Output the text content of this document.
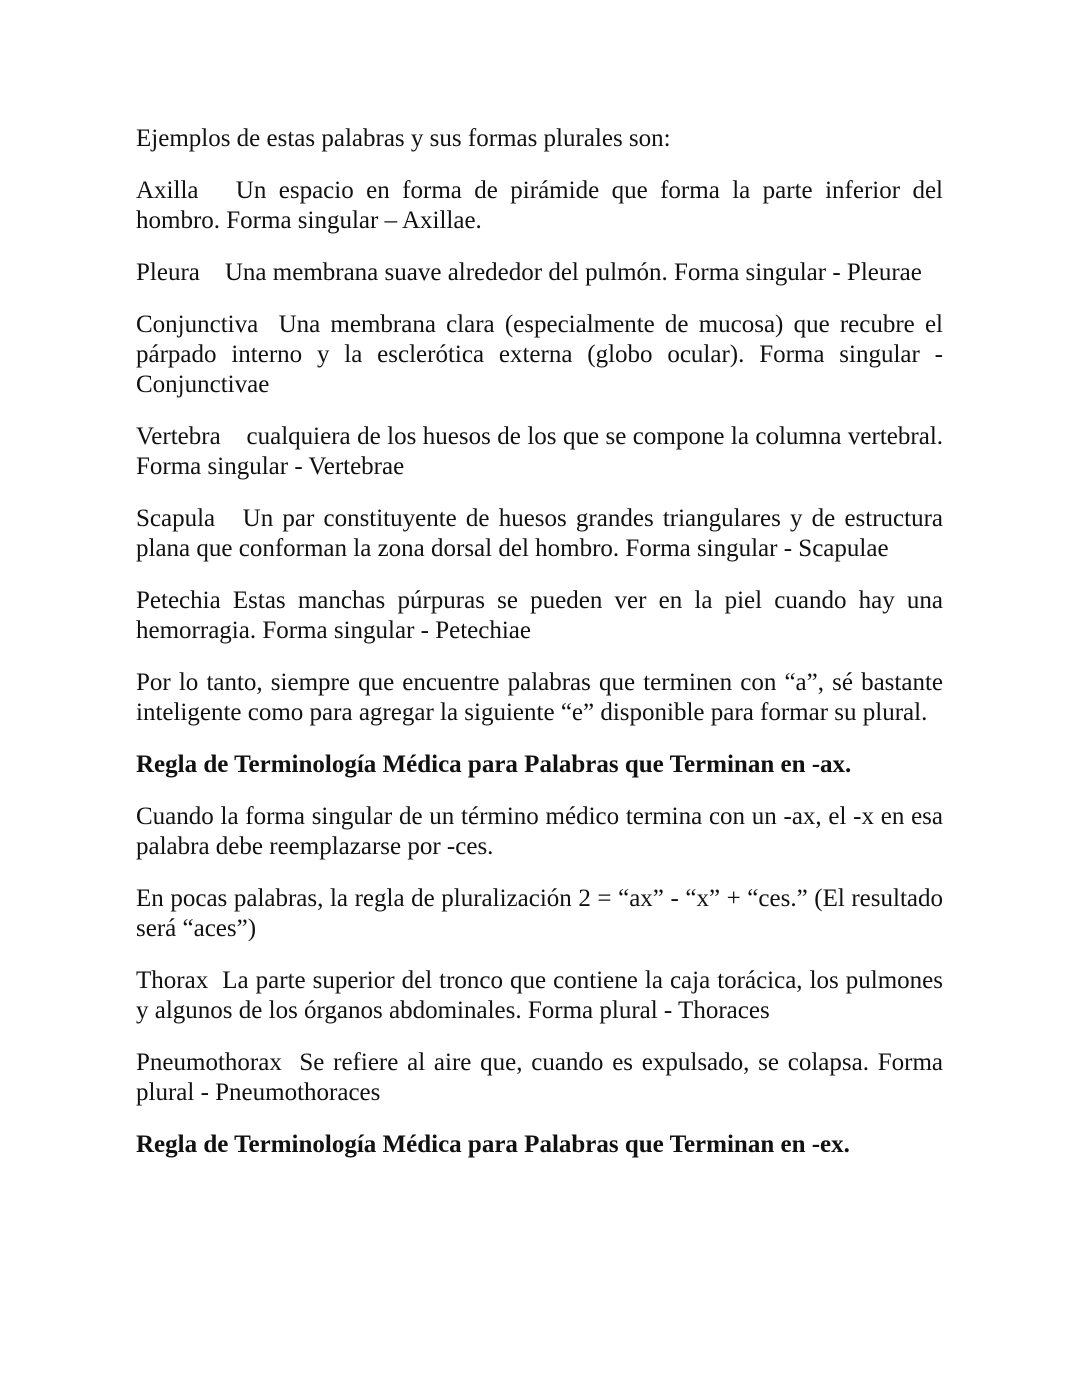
Ejemplos de estas palabras y sus formas plurales son:

Axilla Un espacio en forma de pirámide que forma la parte inferior del hombro. Forma singular – Axillae.

Pleura Una membrana suave alrededor del pulmón. Forma singular - Pleurae

Conjunctiva Una membrana clara (especialmente de mucosa) que recubre el párpado interno y la esclerótica externa (globo ocular). Forma singular - Conjunctivae

Vertebra cualquiera de los huesos de los que se compone la columna vertebral. Forma singular - Vertebrae

Scapula Un par constituyente de huesos grandes triangulares y de estructura plana que conforman la zona dorsal del hombro. Forma singular - Scapulae

Petechia Estas manchas púrpuras se pueden ver en la piel cuando hay una hemorragia. Forma singular - Petechiae

Por lo tanto, siempre que encuentre palabras que terminen con “a”, sé bastante inteligente como para agregar la siguiente “e” disponible para formar su plural.

Regla de Terminología Médica para Palabras que Terminan en -ax.

Cuando la forma singular de un término médico termina con un -ax, el -x en esa palabra debe reemplazarse por -ces.

En pocas palabras, la regla de pluralización 2 = “ax” - “x” + “ces.” (El resultado será “aces”)

Thorax La parte superior del tronco que contiene la caja torácica, los pulmones y algunos de los órganos abdominales. Forma plural - Thoraces

Pneumothorax Se refiere al aire que, cuando es expulsado, se colapsa. Forma plural - Pneumothoraces

Regla de Terminología Médica para Palabras que Terminan en -ex.
